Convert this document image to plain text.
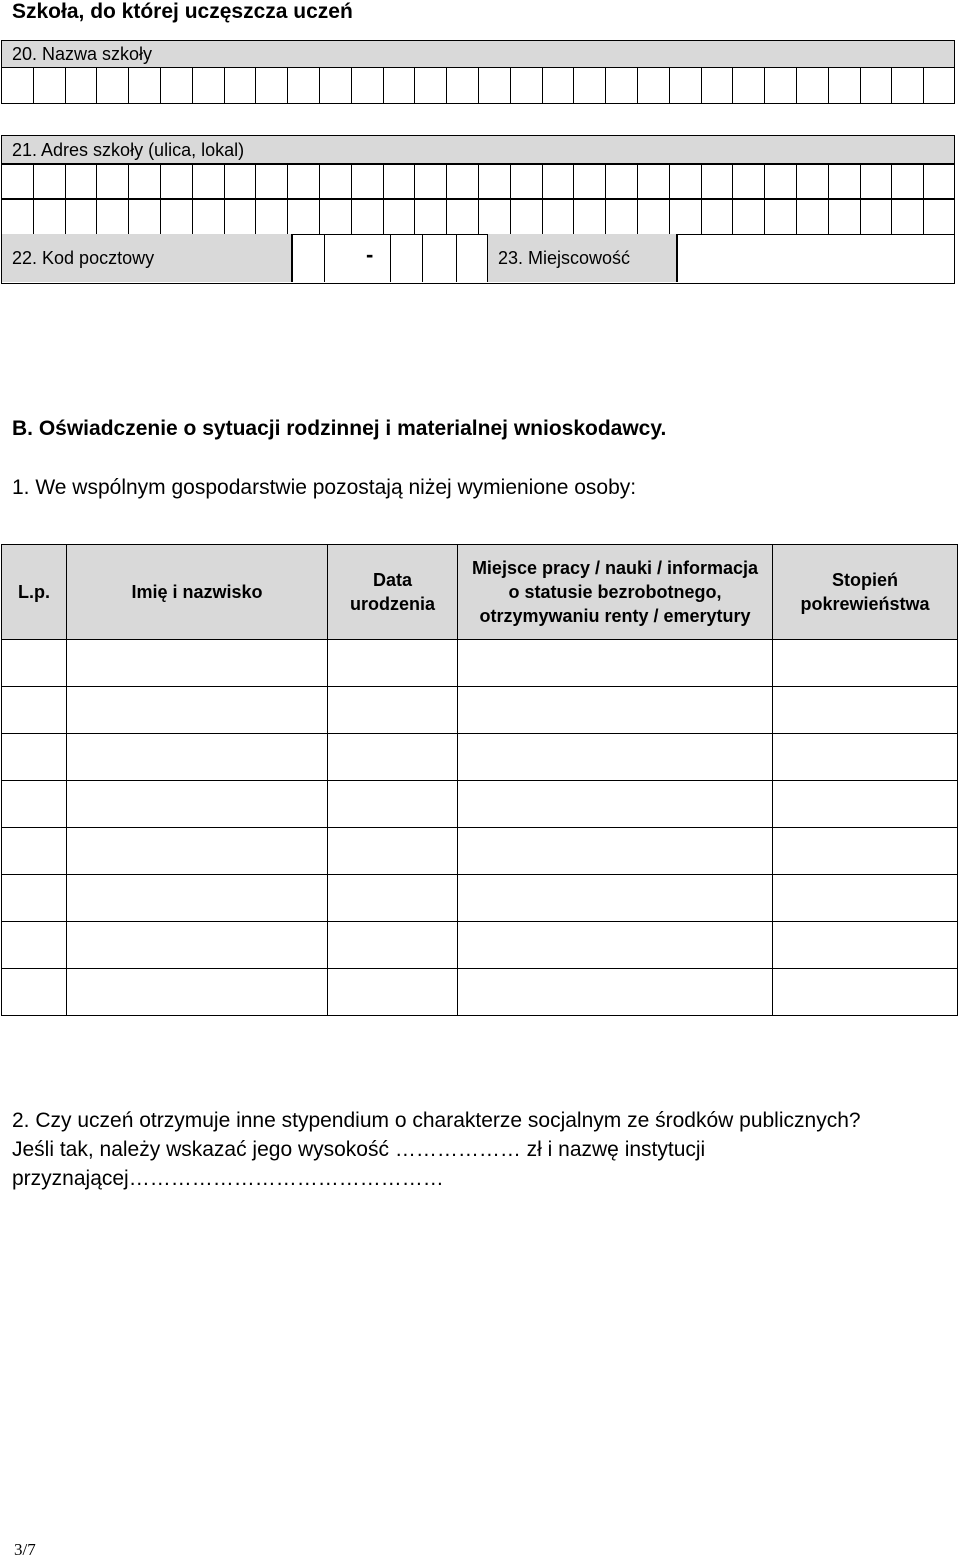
Szkoła, do której uczęszcza uczeń
20. Nazwa szkoły
21. Adres szkoły (ulica, lokal)
22. Kod pocztowy	-	23. Miejscowość
B. Oświadczenie o sytuacji rodzinnej i materialnej wnioskodawcy.
1. We wspólnym gospodarstwie pozostają niżej wymienione osoby:
L.p.	Imię i nazwisko	Data urodzenia	Miejsce pracy / nauki / informacja o statusie bezrobotnego, otrzymywaniu renty / emerytury	Stopień pokrewieństwa

2. Czy uczeń otrzymuje inne stypendium o charakterze socjalnym ze środków publicznych?
Jeśli tak, należy wskazać jego wysokość ……………… zł i nazwę instytucji przyznającej………………………………………
3/7
